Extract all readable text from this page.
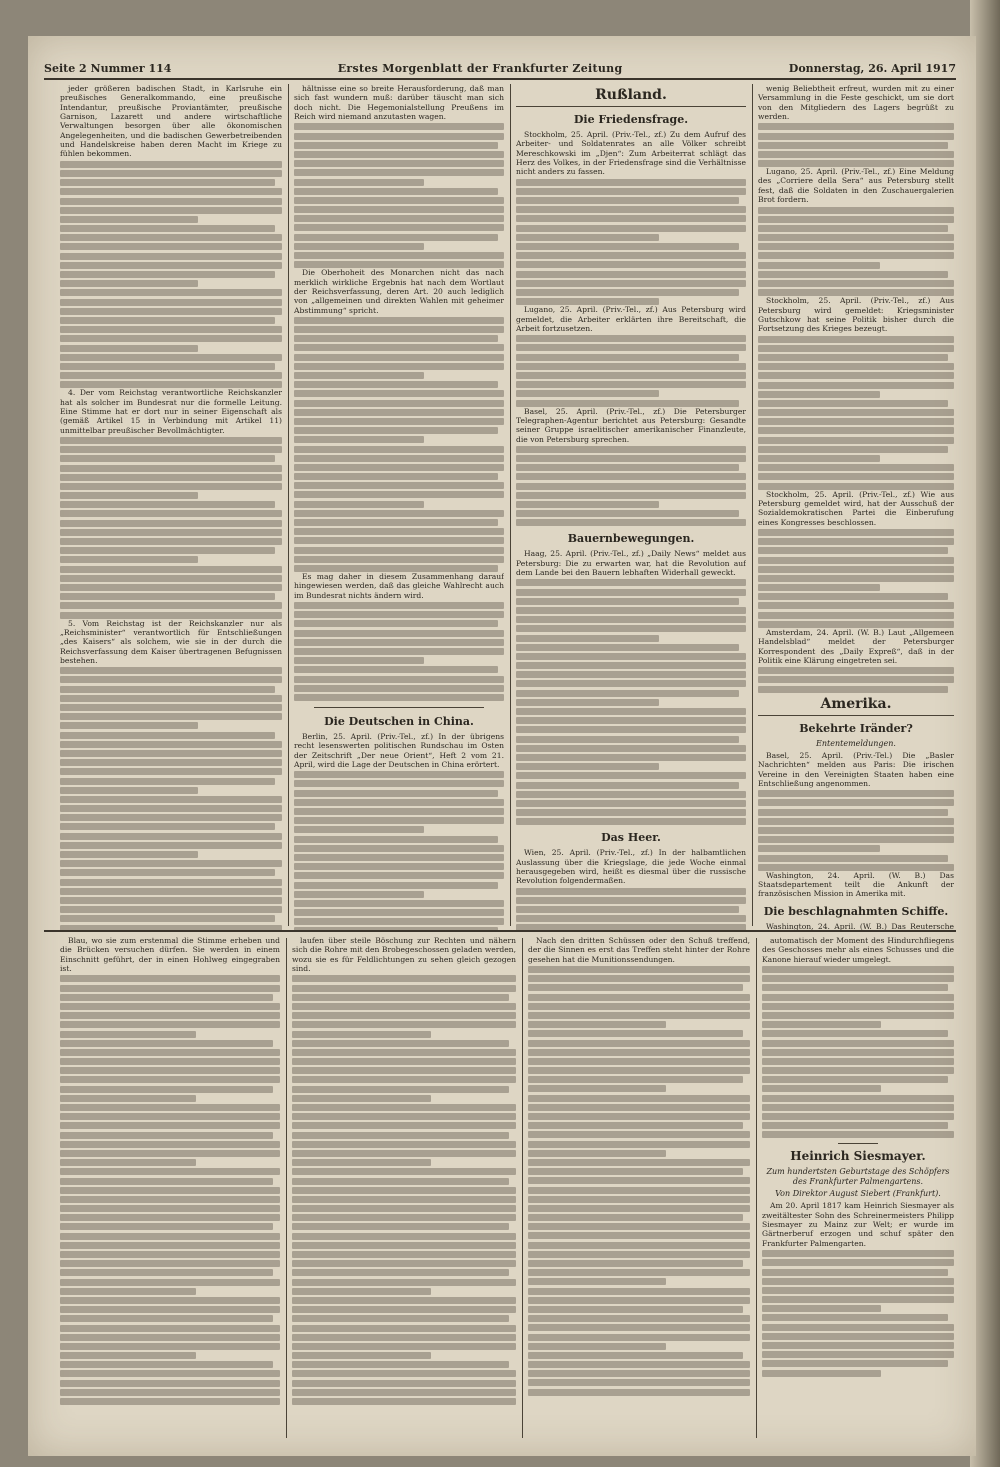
Seite 2 Nummer 114	Erstes Morgenblatt der Frankfurter Zeitung	Donnerstag, 26. April 1917

jeder größeren badischen Stadt, in Karlsruhe ein preußisches Generalkommando, eine preußische Intendantur, preußische Proviantämter, preußische Garnison, Lazarett und andere wirtschaftliche Verwaltungen besorgen über alle ökonomischen Angelegenheiten, und die badischen Gewerbetreibenden und Handelskreise haben deren Macht im Kriege zu fühlen bekommen.

4. Der vom Reichstag verantwortliche Reichskanzler hat als solcher im Bundesrat nur die formelle Leitung. Eine Stimme hat er dort nur in seiner Eigenschaft als (gemäß Artikel 15 in Verbindung mit Artikel 11) unmittelbar preußischer Bevollmächtigter.

5. Vom Reichstag ist der Reichskanzler nur als „Reichsminister“ verantwortlich für Entschließungen „des Kaisers“ als solchem, wie sie in der durch die Reichsverfassung dem Kaiser übertragenen Befugnissen bestehen.

hältnisse eine so breite Herausforderung, daß man sich fast wundern muß: darüber täuscht man sich doch nicht. Die Hegemonialstellung Preußens im Reich wird niemand anzutasten wagen.

Die Oberhoheit des Monarchen nicht das nach merklich wirkliche Ergebnis hat nach dem Wortlaut der Reichsverfassung, deren Art. 20 auch lediglich von „allgemeinen und direkten Wahlen mit geheimer Abstimmung“ spricht.

Es mag daher in diesem Zusammenhang darauf hingewiesen werden, daß das gleiche Wahlrecht auch im Bundesrat nichts ändern wird.

Die Deutschen in China.

Berlin, 25. April. (Priv.-Tel., zf.) In der übrigens recht lesenswerten politischen Rundschau im Osten der Zeitschrift „Der neue Orient“, Heft 2 vom 21. April, wird die Lage der Deutschen in China erörtert.

Rußland.
Die Friedensfrage.

Stockholm, 25. April. (Priv.-Tel., zf.) Zu dem Aufruf des Arbeiter- und Soldatenrates an alle Völker schreibt Mereschkowski im „Djen“: Zum Arbeiterrat schlägt das Herz des Volkes, in der Friedensfrage sind die Verhältnisse nicht anders zu fassen.

Lugano, 25. April. (Priv.-Tel., zf.) Aus Petersburg wird gemeldet, die Arbeiter erklärten ihre Bereitschaft, die Arbeit fortzusetzen.

Basel, 25. April. (Priv.-Tel., zf.) Die Petersburger Telegraphen-Agentur berichtet aus Petersburg: Gesandte seiner Gruppe israelitischer amerikanischer Finanzleute, die von Petersburg sprechen.

Bauernbewegungen.

Haag, 25. April. (Priv.-Tel., zf.) „Daily News“ meldet aus Petersburg: Die zu erwarten war, hat die Revolution auf dem Lande bei den Bauern lebhaften Widerhall geweckt.

Das Heer.

Wien, 25. April. (Priv.-Tel., zf.) In der halbamtlichen Auslassung über die Kriegslage, die jede Woche einmal herausgegeben wird, heißt es diesmal über die russische Revolution folgendermaßen.

wenig Beliebtheit erfreut, wurden mit zu einer Versammlung in die Feste geschickt, um sie dort von den Mitgliedern des Lagers begrüßt zu werden.

Lugano, 25. April. (Priv.-Tel., zf.) Eine Meldung des „Corriere della Sera“ aus Petersburg stellt fest, daß die Soldaten in den Zuschauergalerien Brot fordern.

Stockholm, 25. April. (Priv.-Tel., zf.) Aus Petersburg wird gemeldet: Kriegsminister Gutschkow hat seine Politik bisher durch die Fortsetzung des Krieges bezeugt.

Stockholm, 25. April. (Priv.-Tel., zf.) Wie aus Petersburg gemeldet wird, hat der Ausschuß der Sozialdemokratischen Partei die Einberufung eines Kongresses beschlossen.

Amsterdam, 24. April. (W. B.) Laut „Allgemeen Handelsblad“ meldet der Petersburger Korrespondent des „Daily Expreß“, daß in der Politik eine Klärung eingetreten sei.

Amerika.
Bekehrte Iränder?
Ententemeldungen.

Basel, 25. April. (Priv.-Tel.) Die „Basler Nachrichten“ melden aus Paris: Die irischen Vereine in den Vereinigten Staaten haben eine Entschließung angenommen.

Washington, 24. April. (W. B.) Das Staatsdepartement teilt die Ankunft der französischen Mission in Amerika mit.

Die beschlagnahmten Schiffe.

Washington, 24. April. (W. B.) Das Reutersche

Blau, wo sie zum erstenmal die Stimme erheben und die Brücken versuchen dürfen. Sie werden in einem Einschnitt geführt, der in einen Hohlweg eingegraben ist.

laufen über steile Böschung zur Rechten und nähern sich die Rohre mit den Brobegeschossen geladen werden, wozu sie es für Feldlichtungen zu sehen gleich gezogen sind.

Nach den dritten Schüssen oder den Schuß treffend, der die Sinnen es erst das Treffen steht hinter der Rohre gesehen hat die Munitionssendungen.

automatisch der Moment des Hindurchfliegens des Geschosses mehr als eines Schusses und die Kanone hierauf wieder umgelegt.

Heinrich Siesmayer.
Zum hundertsten Geburtstage des Schöpfers des Frankfurter Palmengartens.
Von Direktor August Siebert (Frankfurt).

Am 20. April 1817 kam Heinrich Siesmayer als zweitältester Sohn des Schreinermeisters Philipp Siesmayer zu Mainz zur Welt; er wurde im Gärtnerberuf erzogen und schuf später den Frankfurter Palmengarten.
